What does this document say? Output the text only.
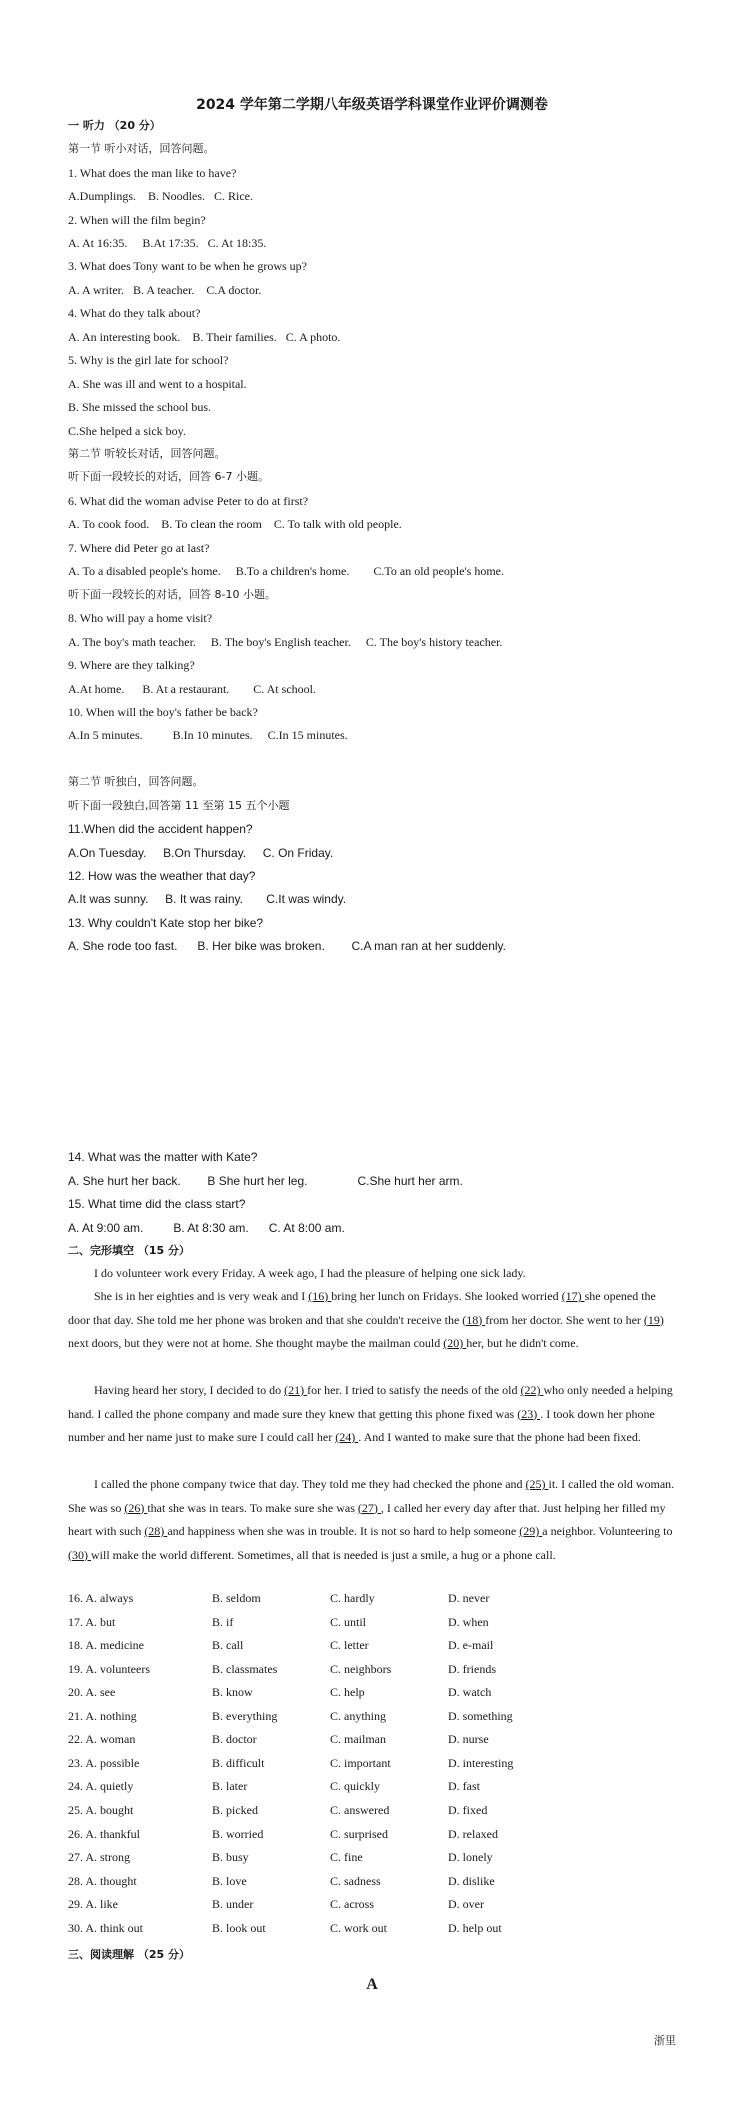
2024 学年第二学期八年级英语学科课堂作业评价调测卷
一 听力 （20 分）
第一节 听小对话，回答问题。
1. What does the man like to have?
A.Dumplings.    B. Noodles.   C. Rice.
2. When will the film begin?
A. At 16:35.     B.At 17:35.   C. At 18:35.
3. What does Tony want to be when he grows up?
A. A writer.   B. A teacher.    C.A doctor.
4. What do they talk about?
A. An interesting book.    B. Their families.   C. A photo.
5. Why is the girl late for school?
A. She was ill and went to a hospital.
B. She missed the school bus.
C.She helped a sick boy.
第二节 听较长对话，回答问题。
听下面一段较长的对话，回答 6-7 小题。
6. What did the woman advise Peter to do at first?
A. To cook food.    B. To clean the room    C. To talk with old people.
7. Where did Peter go at last?
A. To a disabled people's home.     B.To a children's home.        C.To an old people's home.
听下面一段较长的对话，回答 8-10 小题。
8. Who will pay a home visit?
A. The boy's math teacher.     B. The boy's English teacher.     C. The boy's history teacher.
9. Where are they talking?
A.At home.      B. At a restaurant.        C. At school.
10. When will the boy's father be back?
A.In 5 minutes.          B.In 10 minutes.     C.In 15 minutes.
第二节 听独白，回答问题。
听下面一段独白,回答第 11 至第 15 五个小题
11.When did the accident happen?
A.On Tuesday.     B.On Thursday.     C. On Friday.
12. How was the weather that day?
A.It was sunny.     B. It was rainy.       C.It was windy.
13. Why couldn't Kate stop her bike?
A. She rode too fast.      B. Her bike was broken.        C.A man ran at her suddenly.
14. What was the matter with Kate?
A. She hurt her back.        B She hurt her leg.               C.She hurt her arm.
15. What time did the class start?
A. At 9:00 am.         B. At 8:30 am.      C. At 8:00 am.
二、完形填空 （15 分）
I do volunteer work every Friday. A week ago, I had the pleasure of helping one sick lady.
She is in her eighties and is very weak and I (16) bring her lunch on Fridays. She looked worried (17) she opened the door that day. She told me her phone was broken and that she couldn't receive the (18) from her doctor. She went to her (19) next doors, but they were not at home. She thought maybe the mailman could (20) her, but he didn't come.
Having heard her story, I decided to do (21) for her. I tried to satisfy the needs of the old (22) who only needed a helping hand. I called the phone company and made sure they knew that getting this phone fixed was (23) . I took down her phone number and her name just to make sure I could call her (24) . And I wanted to make sure that the phone had been fixed.
I called the phone company twice that day. They told me they had checked the phone and (25) it. I called the old woman. She was so (26) that she was in tears. To make sure she was (27) , I called her every day after that. Just helping her filled my heart with such (28) and happiness when she was in trouble. It is not so hard to help someone (29) a neighbor. Volunteering to (30) will make the world different. Sometimes, all that is needed is just a smile, a hug or a phone call.
16. A. always	B. seldom	C. hardly	D. never
17. A. but	B. if	C. until	D. when
18. A. medicine	B. call	C. letter	D. e-mail
19. A. volunteers	B. classmates	C. neighbors	D. friends
20. A. see	B. know	C. help	D. watch
21. A. nothing	B. everything	C. anything	D. something
22. A. woman	B. doctor	C. mailman	D. nurse
23. A. possible	B. difficult	C. important	D. interesting
24. A. quietly	B. later	C. quickly	D. fast
25. A. bought	B. picked	C. answered	D. fixed
26. A. thankful	B. worried	C. surprised	D. relaxed
27. A. strong	B. busy	C. fine	D. lonely
28. A. thought	B. love	C. sadness	D. dislike
29. A. like	B. under	C. across	D. over
30. A. think out	B. look out	C. work out	D. help out
三、阅读理解 （25 分）
A
浙里
